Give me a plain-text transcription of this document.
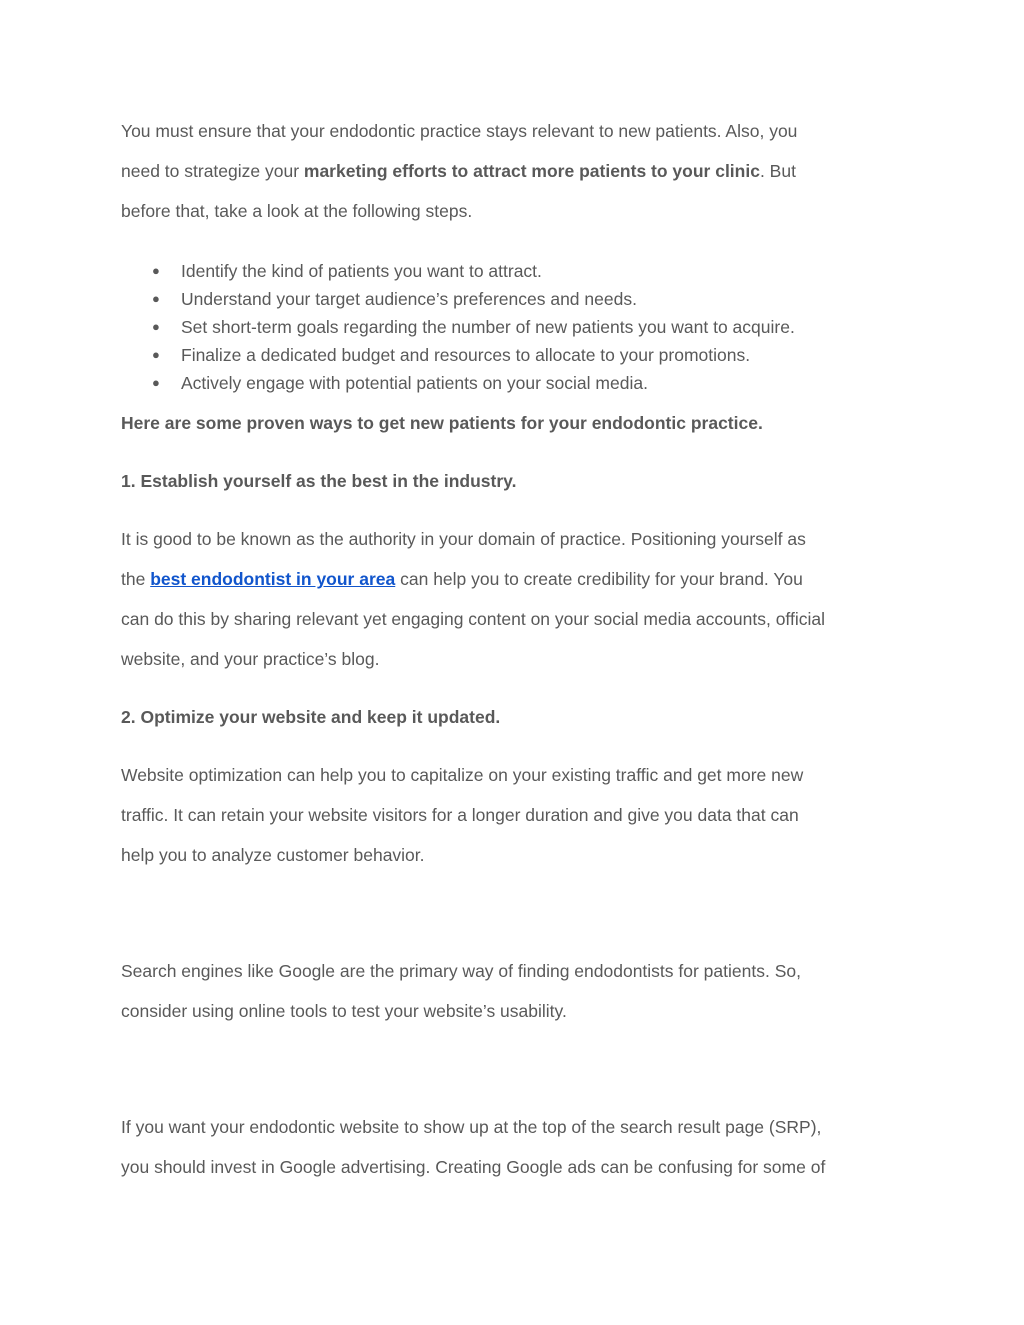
You must ensure that your endodontic practice stays relevant to new patients. Also, you
need to strategize your marketing efforts to attract more patients to your clinic. But
before that, take a look at the following steps.

● Identify the kind of patients you want to attract.
● Understand your target audience’s preferences and needs.
● Set short-term goals regarding the number of new patients you want to acquire.
● Finalize a dedicated budget and resources to allocate to your promotions.
● Actively engage with potential patients on your social media.
Here are some proven ways to get new patients for your endodontic practice.
1. Establish yourself as the best in the industry.

It is good to be known as the authority in your domain of practice. Positioning yourself as
the best endodontist in your area can help you to create credibility for your brand. You
can do this by sharing relevant yet engaging content on your social media accounts, official
website, and your practice’s blog.

2. Optimize your website and keep it updated.

Website optimization can help you to capitalize on your existing traffic and get more new
traffic. It can retain your website visitors for a longer duration and give you data that can
help you to analyze customer behavior.

Search engines like Google are the primary way of finding endodontists for patients. So,
consider using online tools to test your website’s usability.

If you want your endodontic website to show up at the top of the search result page (SRP),
you should invest in Google advertising. Creating Google ads can be confusing for some of
